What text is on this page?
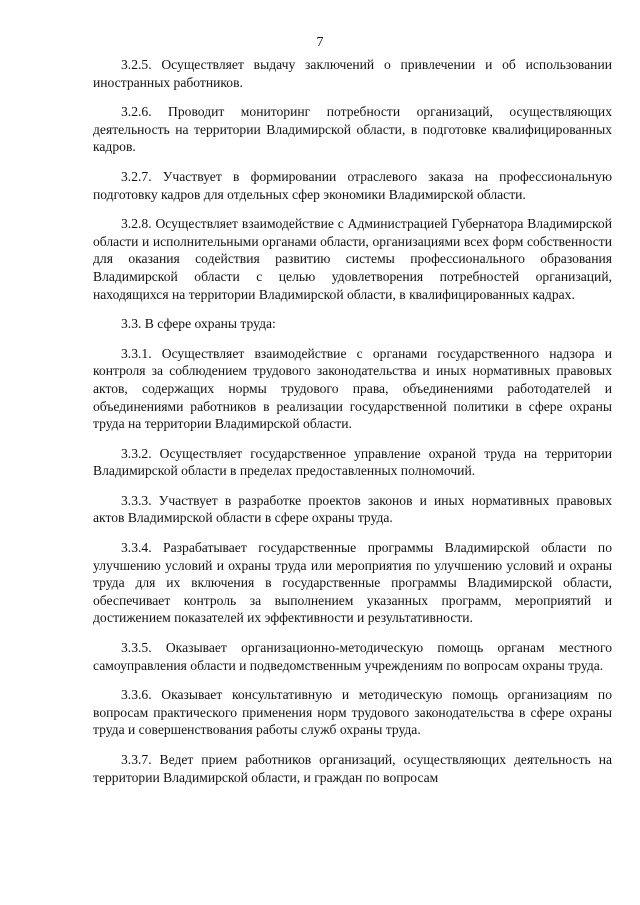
7

3.2.5. Осуществляет выдачу заключений о привлечении и об использовании иностранных работников.

3.2.6. Проводит мониторинг потребности организаций, осуществляющих деятельность на территории Владимирской области, в подготовке квалифицированных кадров.

3.2.7. Участвует в формировании отраслевого заказа на профессиональную подготовку кадров для отдельных сфер экономики Владимирской области.

3.2.8. Осуществляет взаимодействие с Администрацией Губернатора Владимирской области и исполнительными органами области, организациями всех форм собственности для оказания содействия развитию системы профессионального образования Владимирской области с целью удовлетворения потребностей организаций, находящихся на территории Владимирской области, в квалифицированных кадрах.

3.3. В сфере охраны труда:

3.3.1. Осуществляет взаимодействие с органами государственного надзора и контроля за соблюдением трудового законодательства и иных нормативных правовых актов, содержащих нормы трудового права, объединениями работодателей и объединениями работников в реализации государственной политики в сфере охраны труда на территории Владимирской области.

3.3.2. Осуществляет государственное управление охраной труда на территории Владимирской области в пределах предоставленных полномочий.

3.3.3. Участвует в разработке проектов законов и иных нормативных правовых актов Владимирской области в сфере охраны труда.

3.3.4. Разрабатывает государственные программы Владимирской области по улучшению условий и охраны труда или мероприятия по улучшению условий и охраны труда для их включения в государственные программы Владимирской области, обеспечивает контроль за выполнением указанных программ, мероприятий и достижением показателей их эффективности и результативности.

3.3.5. Оказывает организационно-методическую помощь органам местного самоуправления области и подведомственным учреждениям по вопросам охраны труда.

3.3.6. Оказывает консультативную и методическую помощь организациям по вопросам практического применения норм трудового законодательства в сфере охраны труда и совершенствования работы служб охраны труда.

3.3.7. Ведет прием работников организаций, осуществляющих деятельность на территории Владимирской области, и граждан по вопросам
